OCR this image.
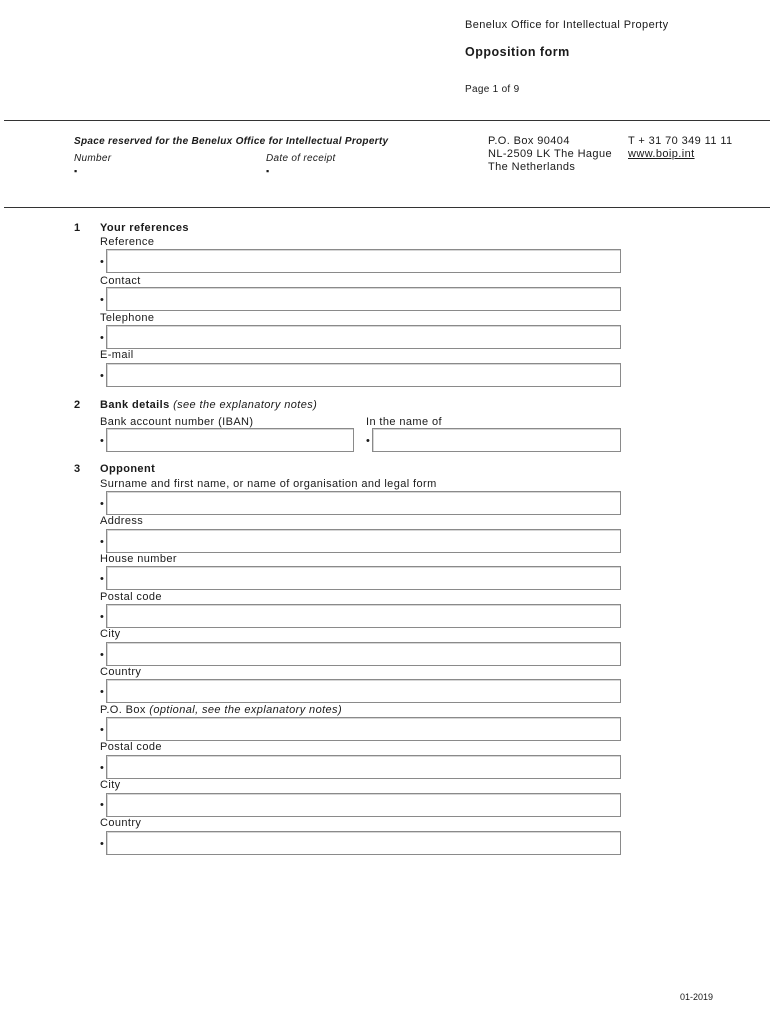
Benelux Office for Intellectual Property
Opposition form
Page 1 of 9
Space reserved for the Benelux Office for Intellectual Property
Number	Date of receipt
▪	▪
P.O. Box 90404
NL-2509 LK The Hague
The Netherlands
T + 31 70 349 11 11
www.boip.int
1 Your references
Reference
•
Contact
•
Telephone
•
E-mail
•
2 Bank details (see the explanatory notes)
Bank account number (IBAN)	In the name of
•	•
3 Opponent
Surname and first name, or name of organisation and legal form
•
Address
•
House number
•
Postal code
•
City
•
Country
•
P.O. Box (optional, see the explanatory notes)
•
Postal code
•
City
•
Country
•
01-2019
